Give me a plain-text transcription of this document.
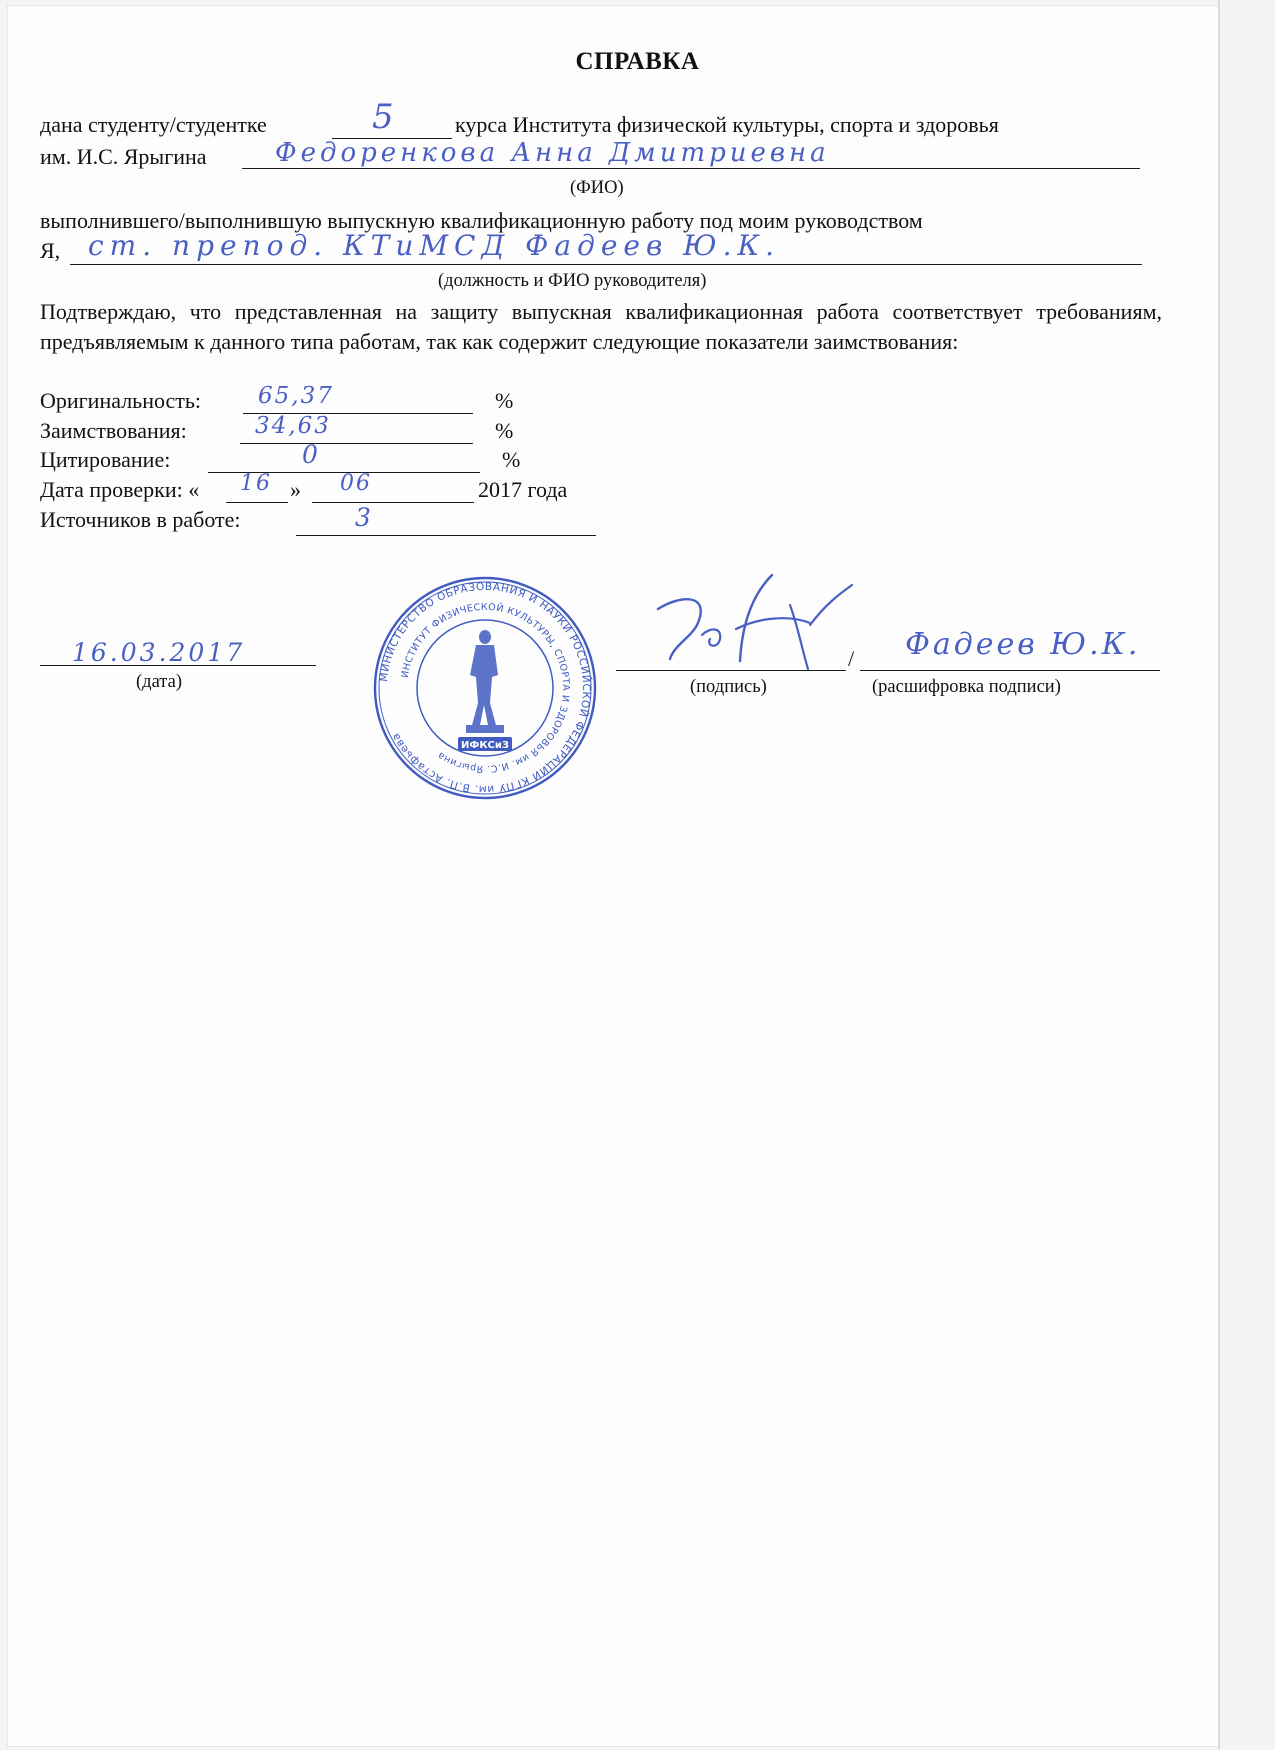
СПРАВКА
дана студенту/студентке	5	курса Института физической культуры, спорта и здоровья
им. И.С. Ярыгина	Федоренкова Анна Дмитриевна
(ФИО)
выполнившего/выполнившую выпускную квалификационную работу под моим руководством
Я, ст. препод. КТиМСД Фадеев Ю.К.
(должность и ФИО руководителя)
Подтверждаю, что представленная на защиту выпускная квалификационная работа соответствует требованиям, предъявляемым к данного типа работам, так как содержит следующие показатели заимствования:
Оригинальность: 65,37	%
Заимствования:	34,63	%
Цитирование:	0	%
Дата проверки: « 16 » 06	2017 года
Источников в работе:	3
16.03.2017
(дата)	(подпись)
/ Фадеев Ю.К.
(расшифровка подписи)
МИНИСТЕРСТВО ОБРАЗОВАНИЯ И НАУКИ РОССИЙСКОЙ ФЕДЕРАЦИИ КГПУ им. В.П. Астафьева
ИНСТИТУТ ФИЗИЧЕСКОЙ КУЛЬТУРЫ, СПОРТА И ЗДОРОВЬЯ им. И.С. Ярыгина
ИФКСиЗ
